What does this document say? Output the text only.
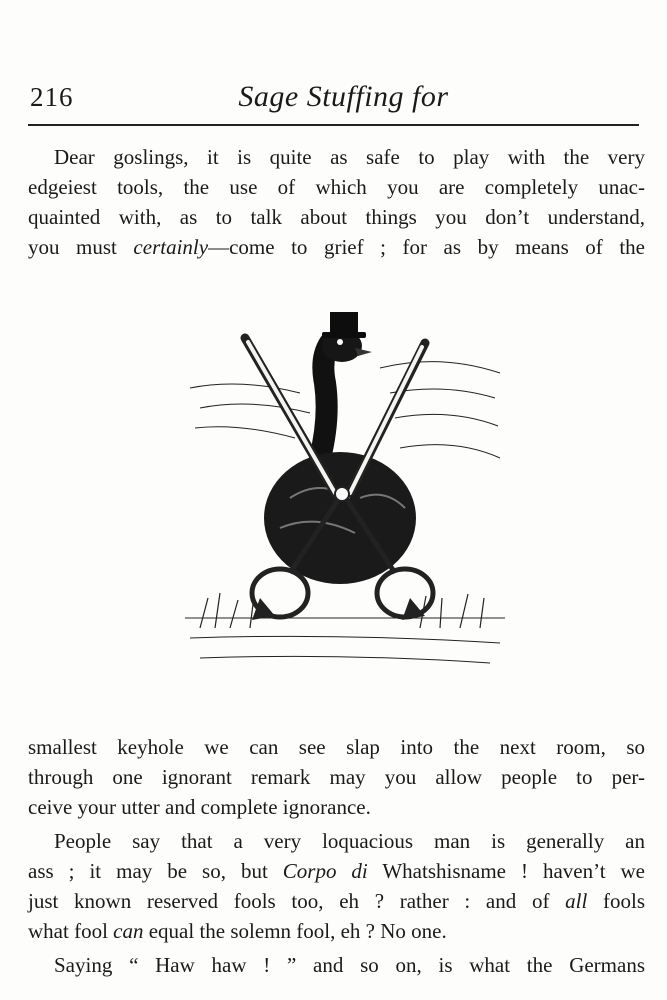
216	Sage Stuffing for

Dear goslings, it is quite as safe to play with the very
edgeiest tools, the use of which you are completely unac-
quainted with, as to talk about things you don’t understand,
you must certainly—come to grief ; for as by means of the

smallest keyhole we can see slap into the next room, so
through one ignorant remark may you allow people to per-
ceive your utter and complete ignorance.

People say that a very loquacious man is generally an
ass ; it may be so, but Corpo di Whatshisname ! haven’t we
just known reserved fools too, eh ? rather : and of all fools
what fool can equal the solemn fool, eh ? No one.

Saying “ Haw haw ! ” and so on, is what the Germans
